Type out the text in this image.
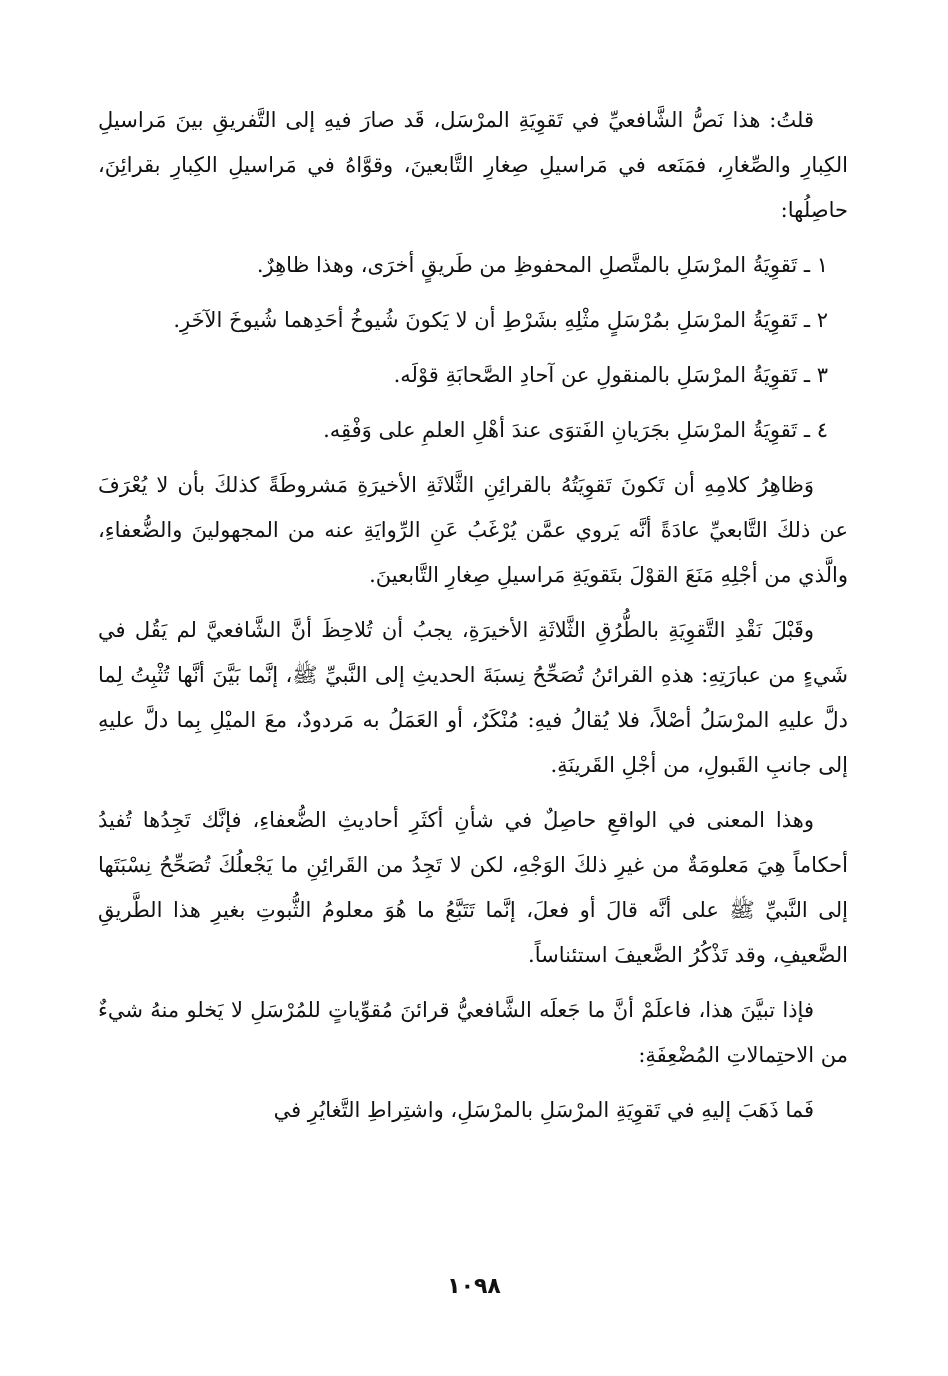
قلتُ: هذا نَصُّ الشَّافعيِّ في تَقوِيَةِ المرْسَل، قَد صارَ فيهِ إلى التَّفريقِ بينَ مَراسيلِ الكِبارِ والصِّغارِ، فمَنَعه في مَراسيلِ صِغارِ التَّابعينَ، وقوَّاهُ في مَراسيلِ الكِبارِ بقرائِنَ، حاصِلُها:

١ ـ تَقوِيَةُ المرْسَلِ بالمتَّصلِ المحفوظِ من طَريقٍ أخرَى، وهذا ظاهِرٌ.

٢ ـ تَقوِيَةُ المرْسَلِ بمُرْسَلٍ مثْلِهِ بشَرْطِ أن لا يَكونَ شُيوخُ أحَدِهما شُيوخَ الآخَرِ.

٣ ـ تَقوِيَةُ المرْسَلِ بالمنقولِ عن آحادِ الصَّحابَةِ قوْلَه.

٤ ـ تَقوِيَةُ المرْسَلِ بجَرَيانِ الفَتوَى عندَ أهْلِ العلمِ على وَفْقِه.

وَظاهِرُ كلامِهِ أن تَكونَ تَقوِيَتُهُ بالقرائِنِ الثَّلاثَةِ الأخيرَةِ مَشروطَةً كذلكَ بأن لا يُعْرَفَ عن ذلكَ التَّابعيِّ عادَةً أنَّه يَروي عمَّن يُرْغَبُ عَنِ الرِّوايَةِ عنه من المجهولينَ والضُّعفاءِ، والَّذي من أجْلِهِ مَنَعَ القوْلَ بتَقويَةِ مَراسيلِ صِغارِ التَّابعينَ.

وقَبْلَ نَقْدِ التَّقوِيَةِ بالطُّرُقِ الثَّلاثَةِ الأخيرَةِ، يجبُ أن تُلاحِظَ أنَّ الشَّافعيَّ لم يَقُل في شَيءٍ من عبارَتِهِ: هذهِ القرائنُ تُصَحِّحُ نِسبَةَ الحديثِ إلى النَّبيِّ ﷺ، إنَّما بَيَّنَ أنَّها تُثْبِتُ لِما دلَّ عليهِ المرْسَلُ أصْلاً، فلا يُقالُ فيهِ: مُنْكَرٌ، أو العَمَلُ به مَردودٌ، معَ الميْلِ بِما دلَّ عليهِ إلى جانبِ القَبولِ، من أجْلِ القَرينَةِ.

وهذا المعنى في الواقعِ حاصِلٌ في شأنِ أكثَرِ أحاديثِ الضُّعفاءِ، فإنَّك تَجِدُها تُفيدُ أحكاماً هِيَ مَعلومَةٌ من غيرِ ذلكَ الوَجْهِ، لكن لا تَجِدُ من القَرائِنِ ما يَجْعلُكَ تُصَحِّحُ نِسْبَتَها إلى النَّبيِّ ﷺ على أنَّه قالَ أو فعلَ، إنَّما تَتَبَّعُ ما هُوَ معلومُ الثُّبوتِ بغيرِ هذا الطَّريقِ الضَّعيفِ، وقد تَذْكُرُ الضَّعيفَ استئناساً.

فإذا تبيَّنَ هذا، فاعلَمْ أنَّ ما جَعلَه الشَّافعيُّ قرائنَ مُقوِّياتٍ للمُرْسَلِ لا يَخلو منهُ شيءٌ من الاحتِمالاتِ المُضْعِفَةِ:

فَما ذَهَبَ إليهِ في تَقوِيَةِ المرْسَلِ بالمرْسَلِ، واشتِراطِ التَّغايُرِ في

١٠٩٨
